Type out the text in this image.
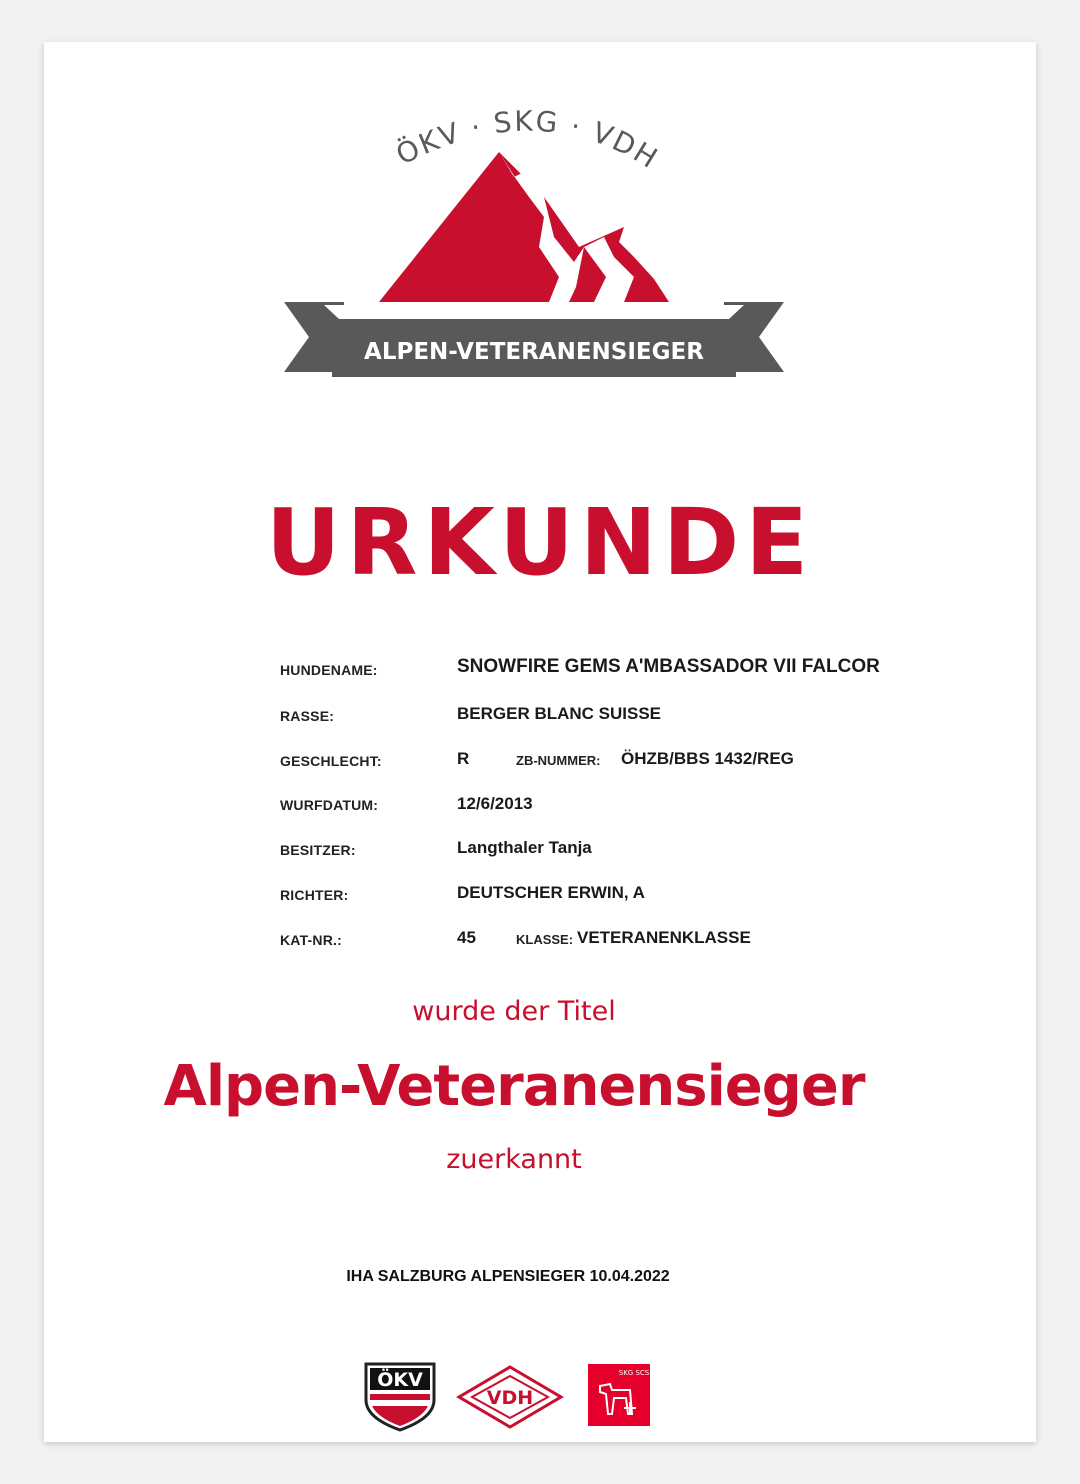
ÖKV · SKG · VDH
ALPEN-VETERANENSIEGER
URKUNDE
HUNDENAME:	SNOWFIRE GEMS A'MBASSADOR VII FALCOR
RASSE:	BERGER BLANC SUISSE
GESCHLECHT:	R	ZB-NUMMER: ÖHZB/BBS 1432/REG
WURFDATUM:	12/6/2013
BESITZER:	Langthaler Tanja
RICHTER:	DEUTSCHER ERWIN, A
KAT-NR.:	45	KLASSE: VETERANENKLASSE
wurde der Titel
Alpen-Veteranensieger
zuerkannt
IHA SALZBURG ALPENSIEGER 10.04.2022
ÖKV
VDH
SKG SCS
